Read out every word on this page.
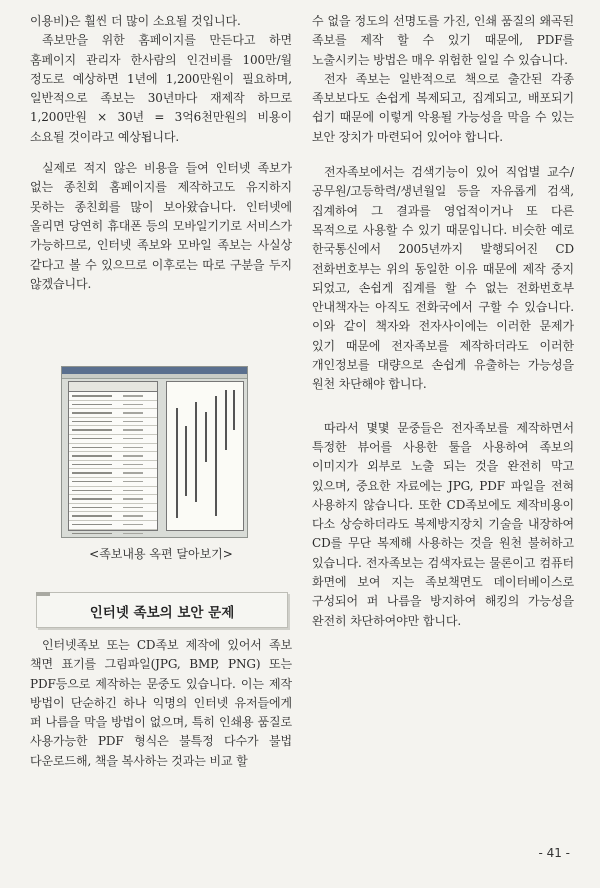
이용비)은 훨씬 더 많이 소요될 것입니다.

족보만을 위한 홈페이지를 만든다고 하면 홈페이지 관리자 한사람의 인건비를 100만/월 정도로 예상하면 1년에 1,200만원이 필요하며, 일반적으로 족보는 30년마다 재제작 하므로 1,200만원 × 30년 = 3억6천만원의 비용이 소요될 것이라고 예상됩니다.

실제로 적지 않은 비용을 들여 인터넷 족보가 없는 종친회 홈페이지를 제작하고도 유지하지 못하는 종친회를 많이 보아왔습니다. 인터넷에 올리면 당연히 휴대폰 등의 모바일기기로 서비스가 가능하므로, 인터넷 족보와 모바일 족보는 사실상 같다고 볼 수 있으므로 이후로는 따로 구분을 두지 않겠습니다.

<족보내용 옥편 달아보기>
인터넷 족보의 보안 문제

인터넷족보 또는 CD족보 제작에 있어서 족보 책면 표기를 그림파일(JPG, BMP, PNG) 또는 PDF등으로 제작하는 문중도 있습니다. 이는 제작 방법이 단순하긴 하나 익명의 인터넷 유저들에게 퍼 나름을 막을 방법이 없으며, 특히 인쇄용 품질로 사용가능한 PDF 형식은 불특정 다수가 불법 다운로드해, 책을 복사하는 것과는 비교 할

수 없을 정도의 선명도를 가진, 인쇄 품질의 왜곡된 족보를 제작 할 수 있기 때문에, PDF를 노출시키는 방법은 매우 위험한 일일 수 있습니다.

전자 족보는 일반적으로 책으로 출간된 각종 족보보다도 손쉽게 복제되고, 집계되고, 배포되기 쉽기 때문에 이렇게 악용될 가능성을 막을 수 있는 보안 장치가 마련되어 있어야 합니다.

전자족보에서는 검색기능이 있어 직업별 교수/공무원/고등학력/생년월일 등을 자유롭게 검색, 집계하여 그 결과를 영업적이거나 또 다른 목적으로 사용할 수 있기 때문입니다. 비슷한 예로 한국통신에서 2005년까지 발행되어진 CD 전화번호부는 위의 동일한 이유 때문에 제작 중지 되었고, 손쉽게 집계를 할 수 없는 전화번호부 안내책자는 아직도 전화국에서 구할 수 있습니다. 이와 같이 책자와 전자사이에는 이러한 문제가 있기 때문에 전자족보를 제작하더라도 이러한 개인정보를 대량으로 손쉽게 유출하는 가능성을 원천 차단해야 합니다.

따라서 몇몇 문중들은 전자족보를 제작하면서 특정한 뷰어를 사용한 툴을 사용하여 족보의 이미지가 외부로 노출 되는 것을 완전히 막고 있으며, 중요한 자료에는 JPG, PDF 파일을 전혀 사용하지 않습니다. 또한 CD족보에도 제작비용이 다소 상승하더라도 복제방지장치 기술을 내장하여 CD를 무단 복제해 사용하는 것을 원천 불허하고 있습니다. 전자족보는 검색자료는 물론이고 컴퓨터 화면에 보여 지는 족보책면도 데이터베이스로 구성되어 퍼 나름을 방지하여 해킹의 가능성을 완전히 차단하여야만 합니다.

- 41 -
